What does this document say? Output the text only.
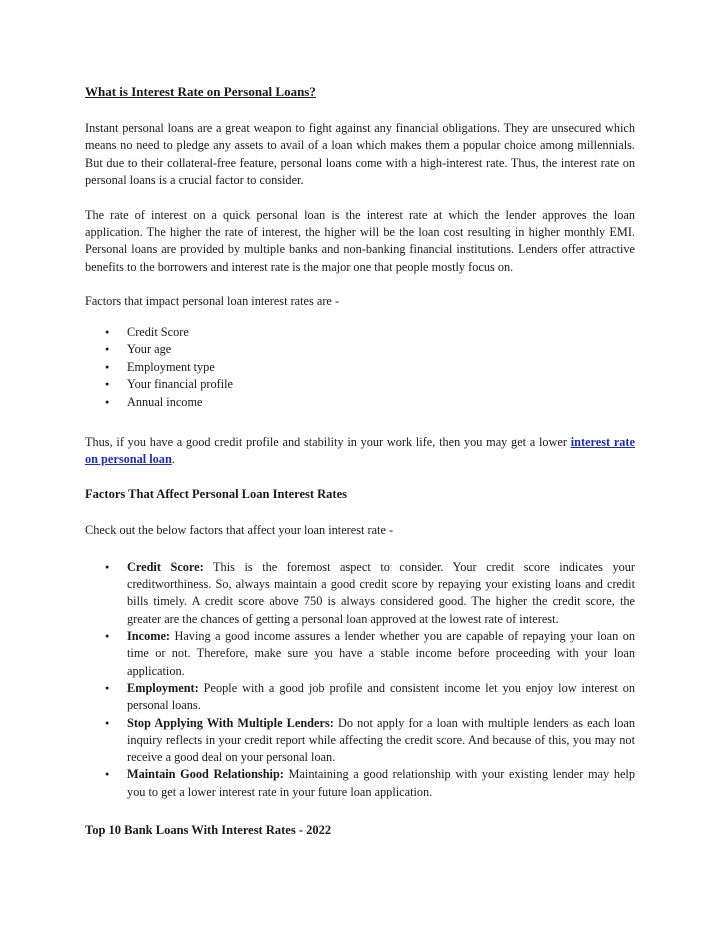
What is Interest Rate on Personal Loans?

Instant personal loans are a great weapon to fight against any financial obligations. They are unsecured which means no need to pledge any assets to avail of a loan which makes them a popular choice among millennials. But due to their collateral-free feature, personal loans come with a high-interest rate. Thus, the interest rate on personal loans is a crucial factor to consider.

The rate of interest on a quick personal loan is the interest rate at which the lender approves the loan application. The higher the rate of interest, the higher will be the loan cost resulting in higher monthly EMI. Personal loans are provided by multiple banks and non-banking financial institutions. Lenders offer attractive benefits to the borrowers and interest rate is the major one that people mostly focus on.

Factors that impact personal loan interest rates are -

● Credit Score
● Your age
● Employment type
● Your financial profile
● Annual income

Thus, if you have a good credit profile and stability in your work life, then you may get a lower interest rate on personal loan.

Factors That Affect Personal Loan Interest Rates

Check out the below factors that affect your loan interest rate -

● Credit Score: This is the foremost aspect to consider. Your credit score indicates your creditworthiness. So, always maintain a good credit score by repaying your existing loans and credit bills timely. A credit score above 750 is always considered good. The higher the credit score, the greater are the chances of getting a personal loan approved at the lowest rate of interest.
● Income: Having a good income assures a lender whether you are capable of repaying your loan on time or not. Therefore, make sure you have a stable income before proceeding with your loan application.
● Employment: People with a good job profile and consistent income let you enjoy low interest on personal loans.
● Stop Applying With Multiple Lenders: Do not apply for a loan with multiple lenders as each loan inquiry reflects in your credit report while affecting the credit score. And because of this, you may not receive a good deal on your personal loan.
● Maintain Good Relationship: Maintaining a good relationship with your existing lender may help you to get a lower interest rate in your future loan application.
Top 10 Bank Loans With Interest Rates - 2022
